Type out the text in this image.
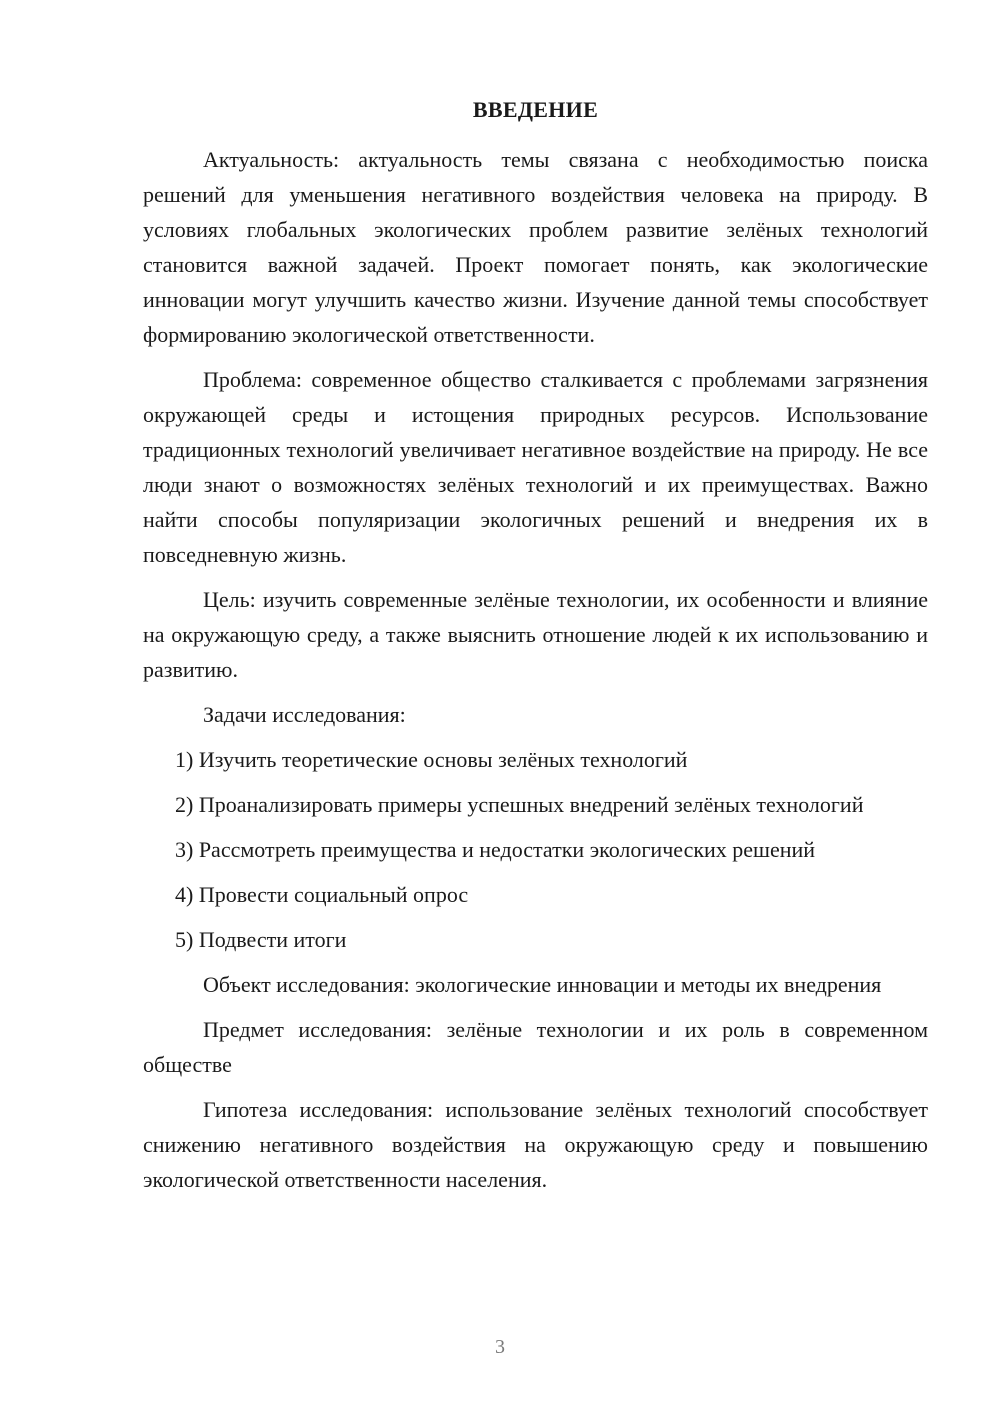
ВВЕДЕНИЕ

Актуальность: актуальность темы связана с необходимостью поиска решений для уменьшения негативного воздействия человека на природу. В условиях глобальных экологических проблем развитие зелёных технологий становится важной задачей. Проект помогает понять, как экологические инновации могут улучшить качество жизни. Изучение данной темы способствует формированию экологической ответственности.

Проблема: современное общество сталкивается с проблемами загрязнения окружающей среды и истощения природных ресурсов. Использование традиционных технологий увеличивает негативное воздействие на природу. Не все люди знают о возможностях зелёных технологий и их преимуществах. Важно найти способы популяризации экологичных решений и внедрения их в повседневную жизнь.

Цель: изучить современные зелёные технологии, их особенности и влияние на окружающую среду, а также выяснить отношение людей к их использованию и развитию.

Задачи исследования:

1) Изучить теоретические основы зелёных технологий

2) Проанализировать примеры успешных внедрений зелёных технологий

3) Рассмотреть преимущества и недостатки экологических решений

4) Провести социальный опрос

5) Подвести итоги

Объект исследования: экологические инновации и методы их внедрения

Предмет исследования: зелёные технологии и их роль в современном обществе

Гипотеза исследования: использование зелёных технологий способствует снижению негативного воздействия на окружающую среду и повышению экологической ответственности населения.

3
